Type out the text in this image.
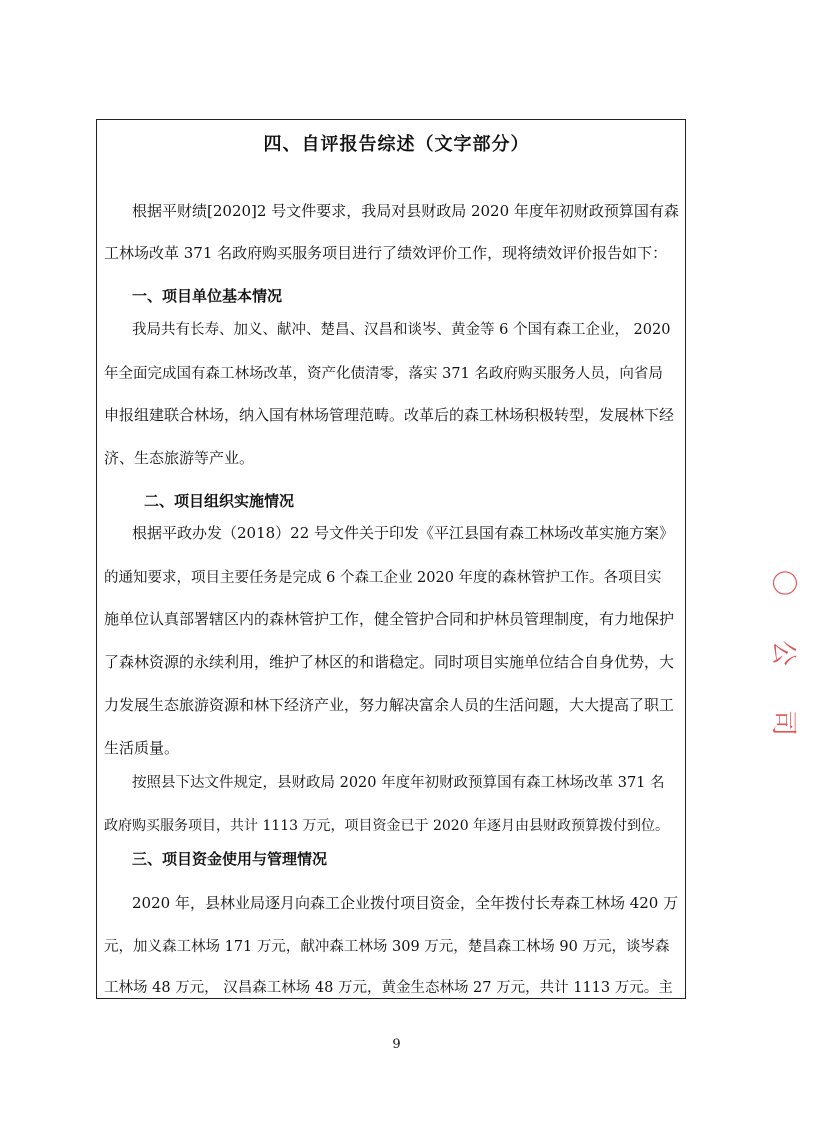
四、自评报告综述（文字部分）
根据平财绩[2020]2 号文件要求，我局对县财政局 2020 年度年初财政预算国有森
工林场改革 371 名政府购买服务项目进行了绩效评价工作，现将绩效评价报告如下：
一、项目单位基本情况
我局共有长寿、加义、献冲、楚昌、汉昌和谈岑、黄金等 6 个国有森工企业， 2020
年全面完成国有森工林场改革，资产化债清零，落实 371 名政府购买服务人员，向省局
申报组建联合林场，纳入国有林场管理范畴。改革后的森工林场积极转型，发展林下经
济、生态旅游等产业。
二、项目组织实施情况
根据平政办发（2018）22 号文件关于印发《平江县国有森工林场改革实施方案》
的通知要求，项目主要任务是完成 6 个森工企业 2020 年度的森林管护工作。各项目实
施单位认真部署辖区内的森林管护工作，健全管护合同和护林员管理制度，有力地保护
了森林资源的永续利用，维护了林区的和谐稳定。同时项目实施单位结合自身优势，大
力发展生态旅游资源和林下经济产业，努力解决富余人员的生活问题，大大提高了职工
生活质量。
按照县下达文件规定，县财政局 2020 年度年初财政预算国有森工林场改革 371 名
政府购买服务项目，共计 1113 万元，项目资金已于 2020 年逐月由县财政预算拨付到位。
三、项目资金使用与管理情况
2020 年，县林业局逐月向森工企业拨付项目资金，全年拨付长寿森工林场 420 万
元，加义森工林场 171 万元，献冲森工林场 309 万元，楚昌森工林场 90 万元，谈岑森
工林场 48 万元， 汉昌森工林场 48 万元，黄金生态林场 27 万元，共计 1113 万元。主
9
〇
公
司
